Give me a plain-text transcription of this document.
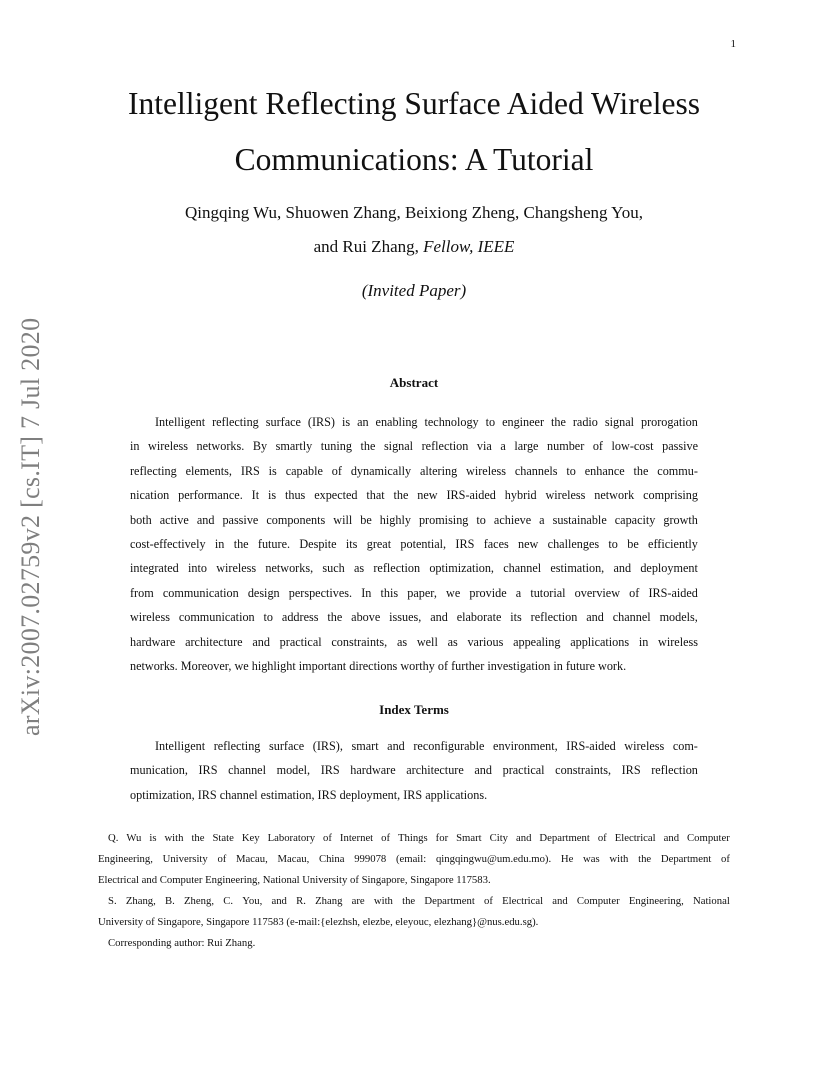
1
arXiv:2007.02759v2 [cs.IT] 7 Jul 2020
Intelligent Reflecting Surface Aided Wireless
Communications: A Tutorial
Qingqing Wu, Shuowen Zhang, Beixiong Zheng, Changsheng You,
and Rui Zhang, Fellow, IEEE
(Invited Paper)
Abstract
Intelligent reflecting surface (IRS) is an enabling technology to engineer the radio signal prorogation
in wireless networks. By smartly tuning the signal reflection via a large number of low-cost passive
reflecting elements, IRS is capable of dynamically altering wireless channels to enhance the commu-
nication performance. It is thus expected that the new IRS-aided hybrid wireless network comprising
both active and passive components will be highly promising to achieve a sustainable capacity growth
cost-effectively in the future. Despite its great potential, IRS faces new challenges to be efficiently
integrated into wireless networks, such as reflection optimization, channel estimation, and deployment
from communication design perspectives. In this paper, we provide a tutorial overview of IRS-aided
wireless communication to address the above issues, and elaborate its reflection and channel models,
hardware architecture and practical constraints, as well as various appealing applications in wireless
networks. Moreover, we highlight important directions worthy of further investigation in future work.
Index Terms
Intelligent reflecting surface (IRS), smart and reconfigurable environment, IRS-aided wireless com-
munication, IRS channel model, IRS hardware architecture and practical constraints, IRS reflection
optimization, IRS channel estimation, IRS deployment, IRS applications.
Q. Wu is with the State Key Laboratory of Internet of Things for Smart City and Department of Electrical and Computer
Engineering, University of Macau, Macau, China 999078 (email: qingqingwu@um.edu.mo). He was with the Department of
Electrical and Computer Engineering, National University of Singapore, Singapore 117583.
S. Zhang, B. Zheng, C. You, and R. Zhang are with the Department of Electrical and Computer Engineering, National
University of Singapore, Singapore 117583 (e-mail:{elezhsh, elezbe, eleyouc, elezhang}@nus.edu.sg).
Corresponding author: Rui Zhang.
